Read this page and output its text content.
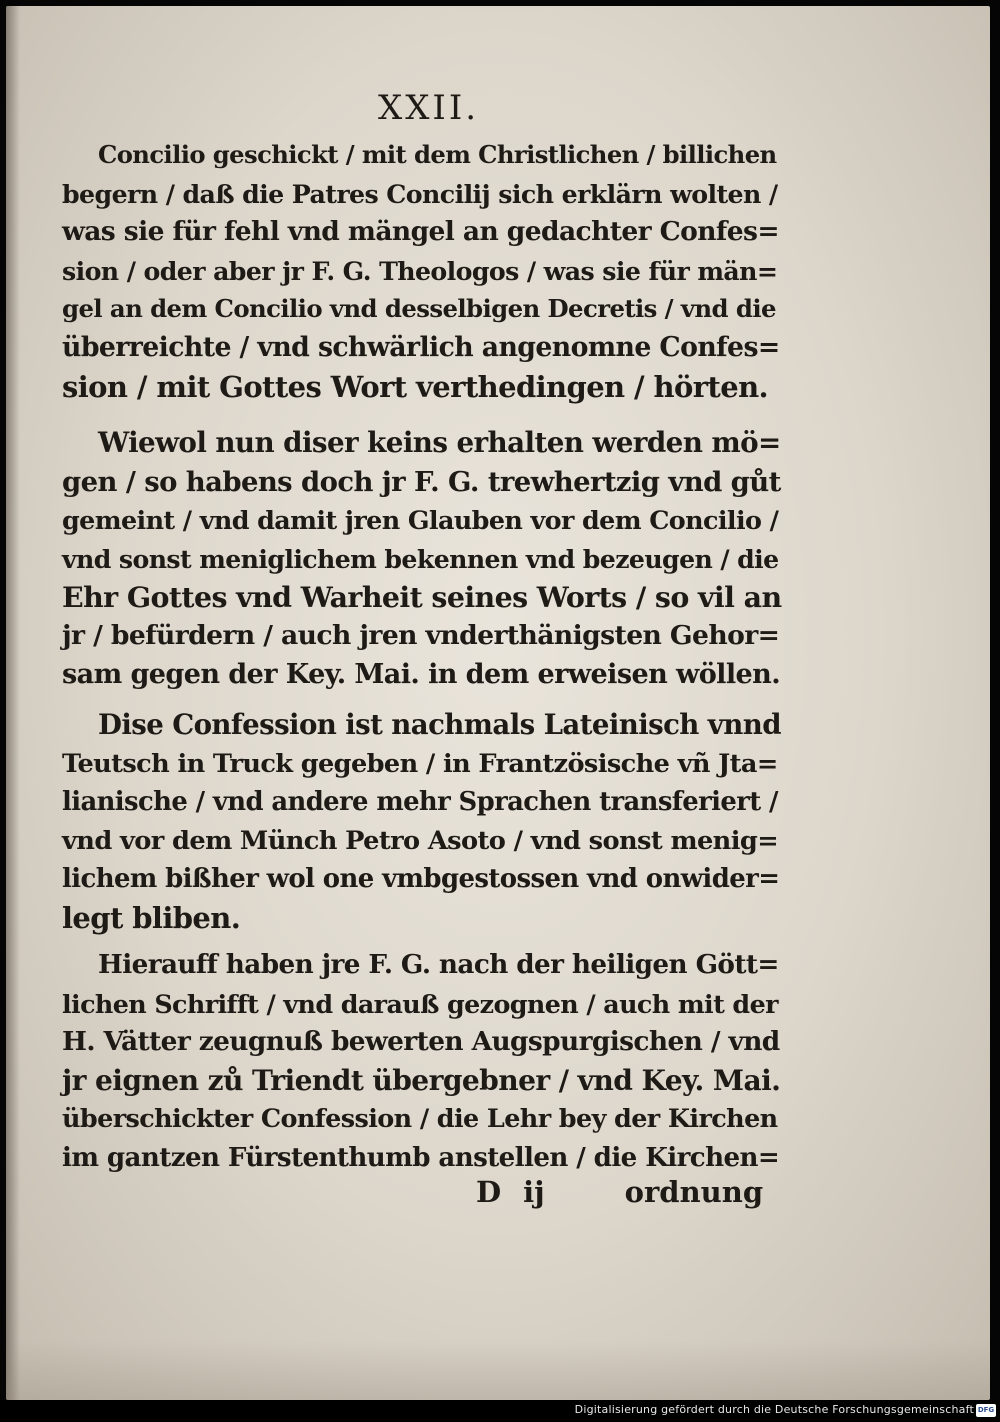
XXII.
Concilio geschickt / mit dem Christlichen / billichen
begern / daß die Patres Concilij sich erklärn wolten /
was sie für fehl vnd mängel an gedachter Confes=
sion / oder aber jr F. G. Theologos / was sie für män=
gel an dem Concilio vnd desselbigen Decretis / vnd die
überreichte / vnd schwärlich angenomne Confes=
sion / mit Gottes Wort verthedingen / hörten.
Wiewol nun diser keins erhalten werden mö=
gen / so habens doch jr F. G. trewhertzig vnd gůt
gemeint / vnd damit jren Glauben vor dem Concilio /
vnd sonst meniglichem bekennen vnd bezeugen / die
Ehr Gottes vnd Warheit seines Worts / so vil an
jr / befürdern / auch jren vnderthänigsten Gehor=
sam gegen der Key. Mai. in dem erweisen wöllen.
Dise Confession ist nachmals Lateinisch vnnd
Teutsch in Truck gegeben / in Frantzösische vñ Jta=
lianische / vnd andere mehr Sprachen transferiert /
vnd vor dem Münch Petro Asoto / vnd sonst menig=
lichem bißher wol one vmbgestossen vnd onwider=
legt bliben.
Hierauff haben jre F. G. nach der heiligen Gött=
lichen Schrifft / vnd darauß gezognen / auch mit der
H. Vätter zeugnuß bewerten Augspurgischen / vnd
jr eignen zů Triendt übergebner / vnd Key. Mai.
überschickter Confession / die Lehr bey der Kirchen
im gantzen Fürstenthumb anstellen / die Kirchen=
D ij	ordnung
Digitalisierung gefördert durch die Deutsche Forschungsgemeinschaft DFG
